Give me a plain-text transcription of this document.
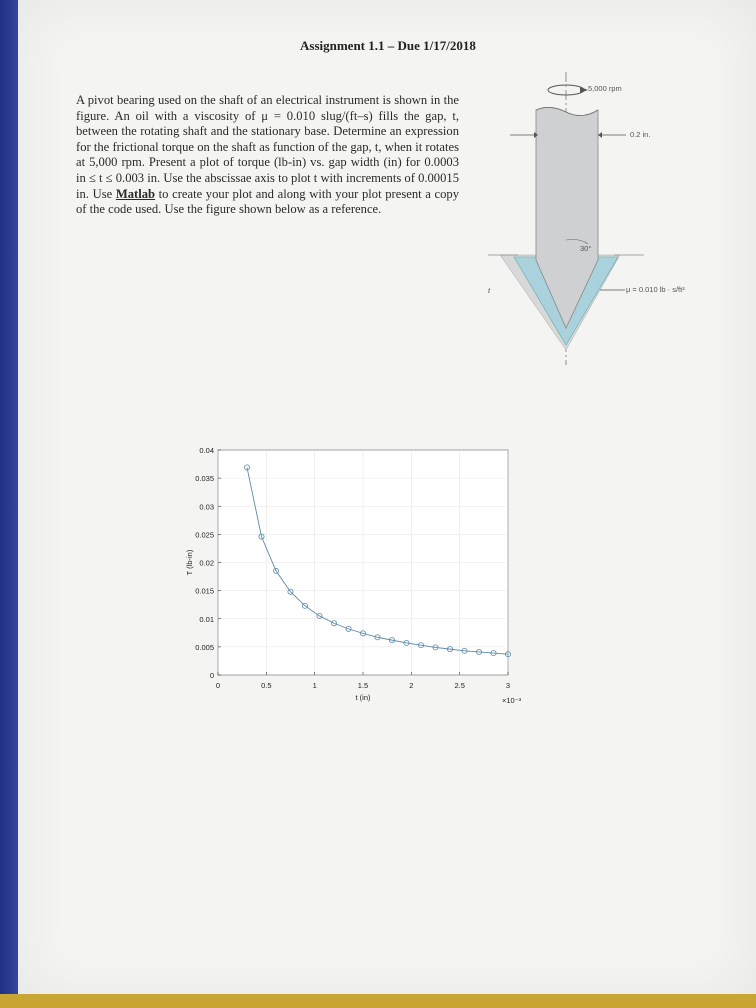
Assignment 1.1 – Due 1/17/2018
A pivot bearing used on the shaft of an electrical instrument is shown in the figure. An oil with a viscosity of μ = 0.010 slug/(ft–s) fills the gap, t, between the rotating shaft and the stationary base. Determine an expression for the frictional torque on the shaft as function of the gap, t, when it rotates at 5,000 rpm. Present a plot of torque (lb-in) vs. gap width (in) for 0.0003 in ≤ t ≤ 0.003 in. Use the abscissae axis to plot t with increments of 0.00015 in. Use Matlab to create your plot and along with your plot present a copy of the code used. Use the figure shown below as a reference.
5,000 rpm
0.2 in.
30°
t	μ = 0.010 lb · s/ft²
0	0.5	1	1.5	2	2.5	3
0
0.005
0.01
0.015
0.02
0.025
0.03
0.035
0.04
t (in)	×10⁻³
T (lb-in)
